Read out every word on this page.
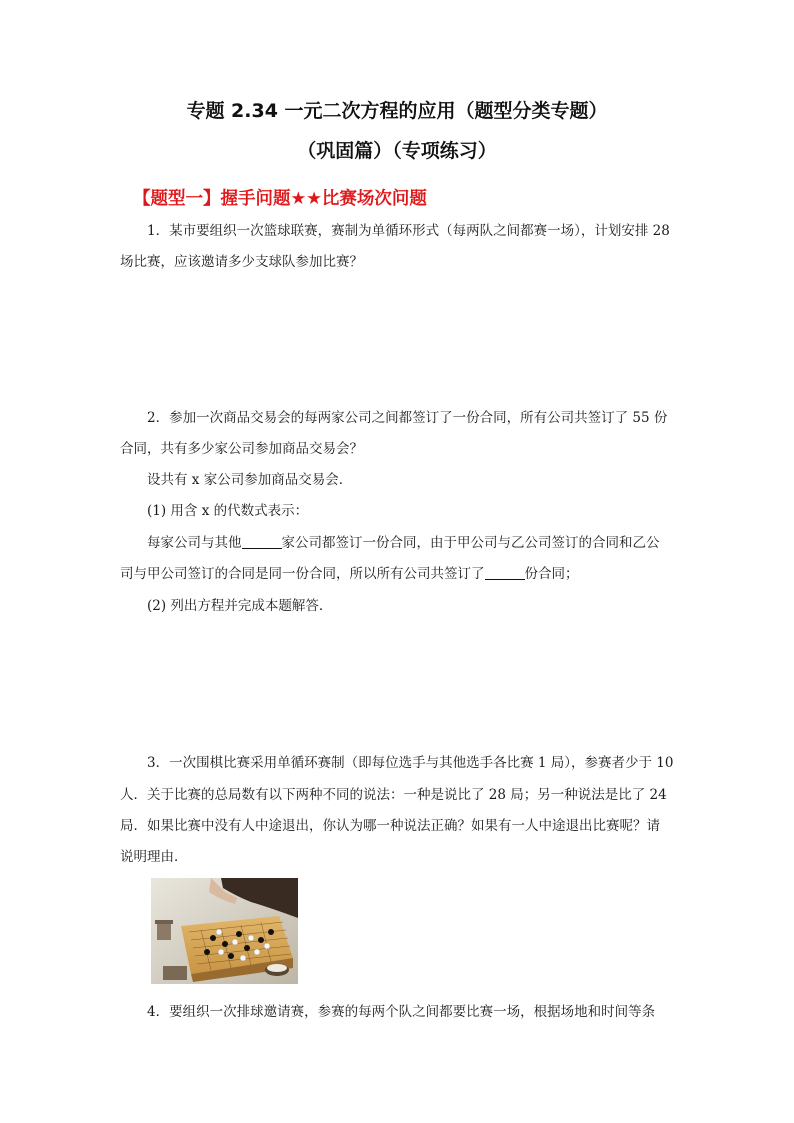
专题 2.34 一元二次方程的应用（题型分类专题）
（巩固篇）（专项练习）
【题型一】握手问题★★比赛场次问题
1．某市要组织一次篮球联赛，赛制为单循环形式（每两队之间都赛一场），计划安排 28
场比赛，应该邀请多少支球队参加比赛？
2．参加一次商品交易会的每两家公司之间都签订了一份合同，所有公司共签订了 55 份
合同，共有多少家公司参加商品交易会？
设共有 x 家公司参加商品交易会．
(1) 用含 x 的代数式表示：
每家公司与其他	家公司都签订一份合同，由于甲公司与乙公司签订的合同和乙公
司与甲公司签订的合同是同一份合同，所以所有公司共签订了	份合同；
(2) 列出方程并完成本题解答．
3．一次围棋比赛采用单循环赛制（即每位选手与其他选手各比赛 1 局），参赛者少于 10
人．关于比赛的总局数有以下两种不同的说法：一种是说比了 28 局；另一种说法是比了 24
局．如果比赛中没有人中途退出，你认为哪一种说法正确？如果有一人中途退出比赛呢？请
说明理由．
4．要组织一次排球邀请赛，参赛的每两个队之间都要比赛一场，根据场地和时间等条
